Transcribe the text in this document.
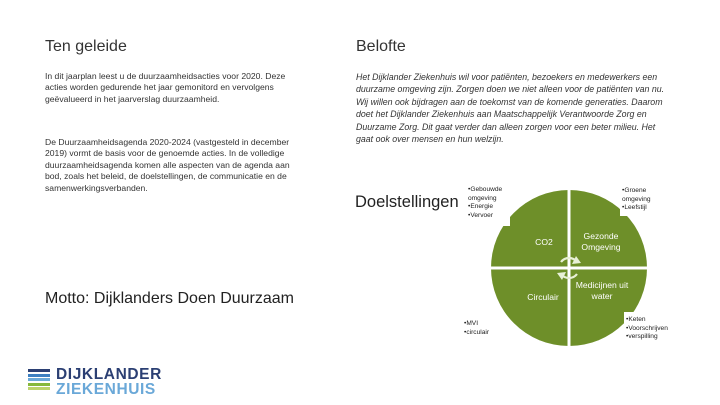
Ten geleide
In dit jaarplan leest u de duurzaamheidsacties voor 2020. Deze acties worden gedurende het jaar gemonitord en vervolgens geëvalueerd in het jaarverslag duurzaamheid.
De Duurzaamheidsagenda 2020-2024 (vastgesteld in december 2019) vormt de basis voor de genoemde acties. In de volledige duurzaamheidsagenda komen alle aspecten van de agenda aan bod, zoals het beleid, de doelstellingen, de communicatie en de samenwerkingsverbanden.
Motto: Dijklanders Doen Duurzaam
Belofte
Het Dijklander Ziekenhuis wil voor patiënten, bezoekers en medewerkers een duurzame omgeving zijn. Zorgen doen we niet alleen voor de patiënten van nu. Wij willen ook bijdragen aan de toekomst van de komende generaties. Daarom doet het Dijklander Ziekenhuis aan Maatschappelijk Verantwoorde Zorg en Duurzame Zorg. Dit gaat verder dan alleen zorgen voor een beter milieu. Het gaat ook over mensen en hun welzijn.
Doelstellingen
CO2
Gezonde Omgeving
Circulair
Medicijnen uit water
• Gebouwde omgeving
• Energie
• Vervoer
• Groene omgeving
• Leefstijl
• MVI
• circulair
• Keten
• Voorschrijven
• verspilling
DIJKLANDER
ZIEKENHUIS
